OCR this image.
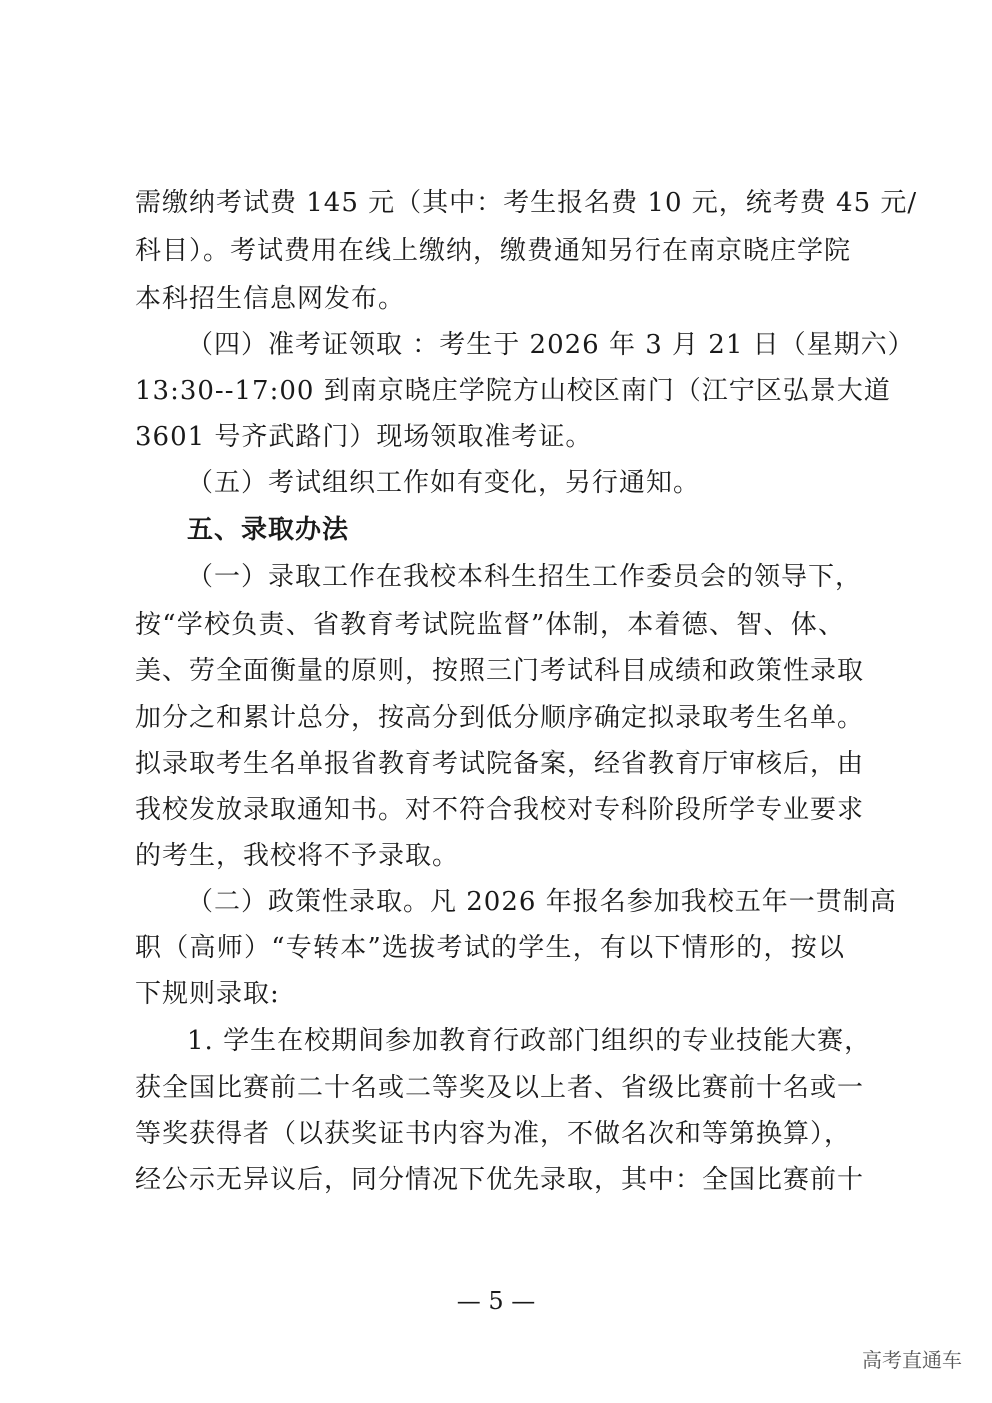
需缴纳考试费 145 元（其中：考生报名费 10 元，统考费 45 元/
科目）。考试费用在线上缴纳，缴费通知另行在南京晓庄学院
本科招生信息网发布。
（四）准考证领取 ：考生于 2026 年 3 月 21 日（星期六）
13:30--17:00 到南京晓庄学院方山校区南门（江宁区弘景大道
3601 号齐武路门）现场领取准考证。
（五）考试组织工作如有变化，另行通知。
五、录取办法
（一）录取工作在我校本科生招生工作委员会的领导下，
按“学校负责、省教育考试院监督”体制，本着德、智、体、
美、劳全面衡量的原则，按照三门考试科目成绩和政策性录取
加分之和累计总分，按高分到低分顺序确定拟录取考生名单。
拟录取考生名单报省教育考试院备案，经省教育厅审核后，由
我校发放录取通知书。对不符合我校对专科阶段所学专业要求
的考生，我校将不予录取。
（二）政策性录取。凡 2026 年报名参加我校五年一贯制高
职（高师）“专转本”选拔考试的学生，有以下情形的，按以
下规则录取:
1. 学生在校期间参加教育行政部门组织的专业技能大赛，
获全国比赛前二十名或二等奖及以上者、省级比赛前十名或一
等奖获得者（以获奖证书内容为准，不做名次和等第换算），
经公示无异议后，同分情况下优先录取，其中：全国比赛前十
— 5 —
高考直通车
